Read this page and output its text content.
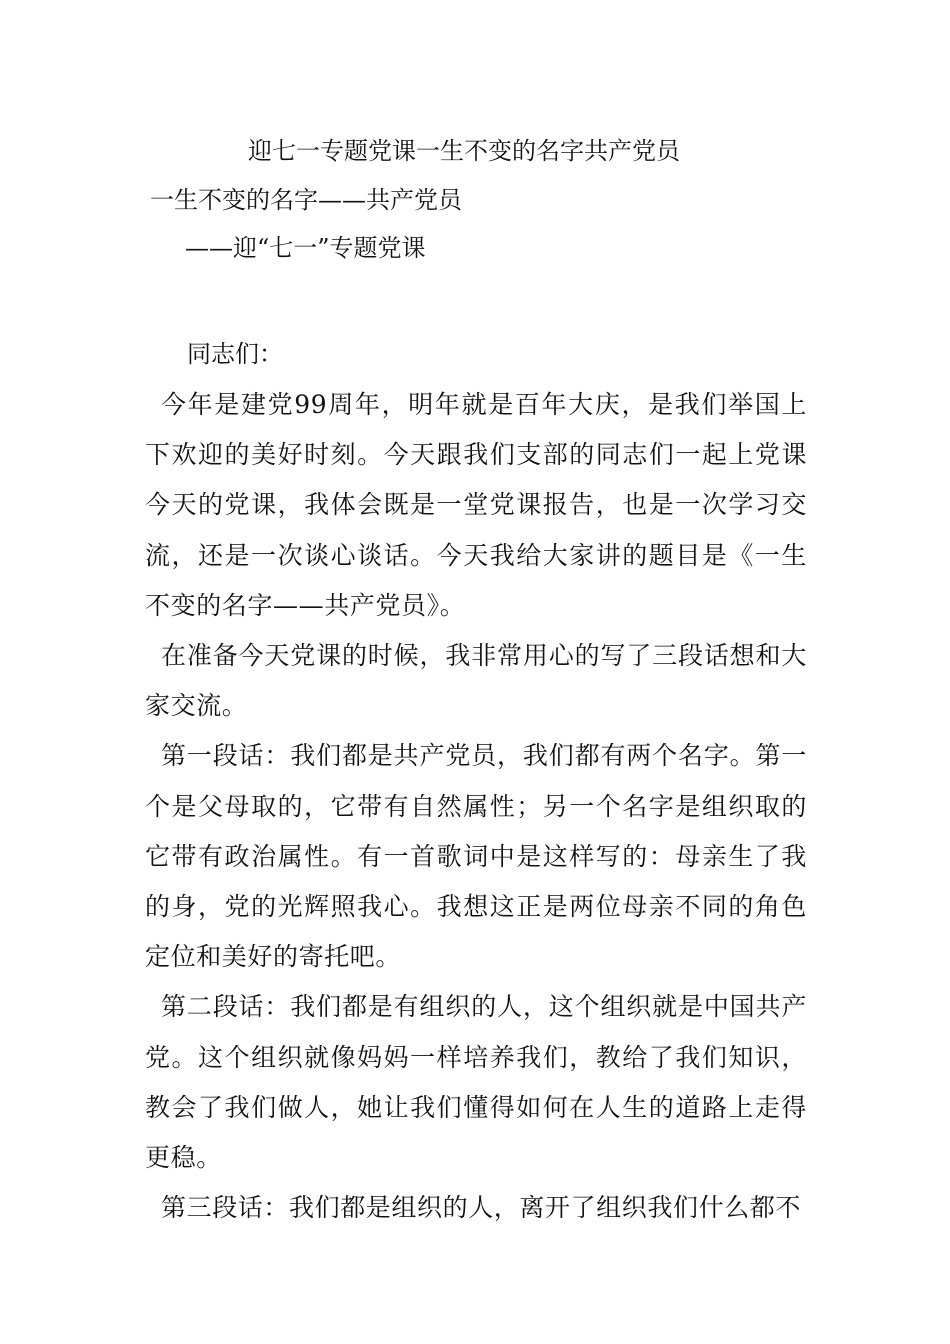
迎七一专题党课一生不变的名字共产党员
一生不变的名字——共产党员
——迎“七一”专题党课
同志们：

今年是建党99周年，明年就是百年大庆，是我们举国上下欢迎的美好时刻。今天跟我们支部的同志们一起上党课今天的党课，我体会既是一堂党课报告，也是一次学习交流，还是一次谈心谈话。今天我给大家讲的题目是《一生不变的名字——共产党员》。

在准备今天党课的时候，我非常用心的写了三段话想和大家交流。

第一段话：我们都是共产党员，我们都有两个名字。第一个是父母取的，它带有自然属性；另一个名字是组织取的它带有政治属性。有一首歌词中是这样写的：母亲生了我的身，党的光辉照我心。我想这正是两位母亲不同的角色定位和美好的寄托吧。

第二段话：我们都是有组织的人，这个组织就是中国共产党。这个组织就像妈妈一样培养我们，教给了我们知识，教会了我们做人，她让我们懂得如何在人生的道路上走得更稳。

第三段话：我们都是组织的人，离开了组织我们什么都不
